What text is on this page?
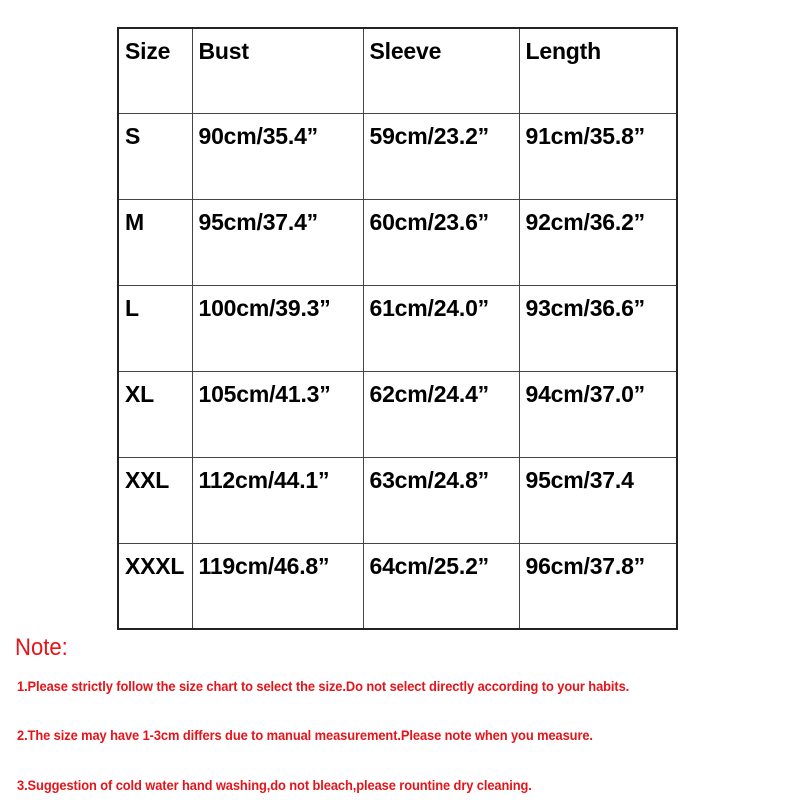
Size	Bust	Sleeve	Length
S	90cm/35.4”	59cm/23.2”	91cm/35.8”
M	95cm/37.4”	60cm/23.6”	92cm/36.2”
L	100cm/39.3”	61cm/24.0”	93cm/36.6”
XL	105cm/41.3”	62cm/24.4”	94cm/37.0”
XXL	112cm/44.1”	63cm/24.8”	95cm/37.4
XXXL	119cm/46.8”	64cm/25.2”	96cm/37.8”
Note:
1.Please strictly follow the size chart to select the size.Do not select directly according to your habits.
2.The size may have 1-3cm differs due to manual measurement.Please note when you measure.
3.Suggestion of cold water hand washing,do not bleach,please rountine dry cleaning.
